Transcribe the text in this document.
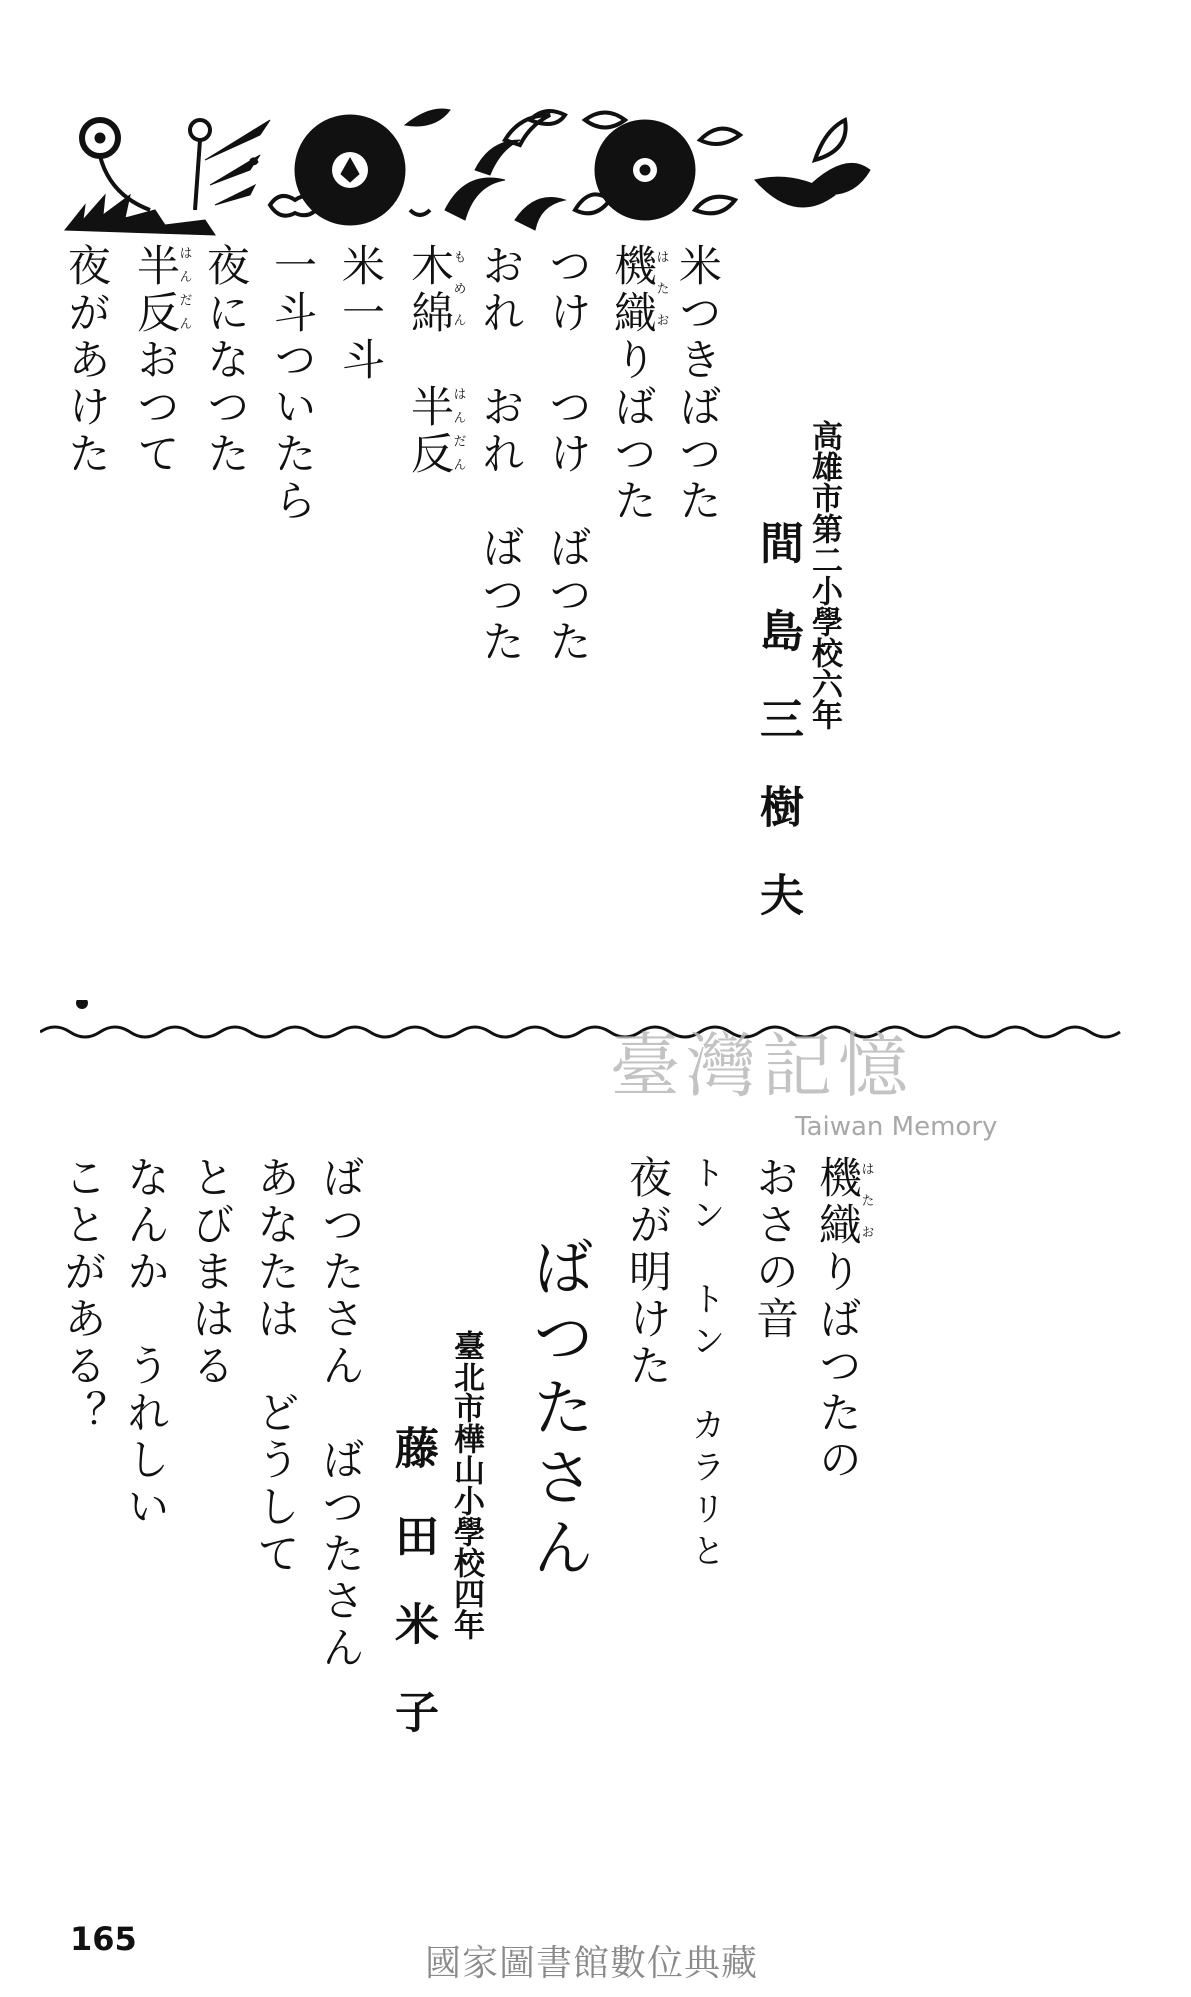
高雄市第二小學校六年
間島三樹夫
米つきばつた
機織はたおりばつた
つけ　つけ　ばつた
おれ　おれ　ばつた
木綿もめん　半反はんだん
米一斗
一斗ついたら
夜になつた
半反はんだんおつて
夜があけた
臺灣記憶
Taiwan Memory
機織はたおりばつたの
おさの音
トン　トン　カラリと
夜が明けた
ばつたさん
臺北市樺山小學校四年
藤田米子
ばつたさん　ばつたさん
あなたは　どうして
とびまはる
なんか　うれしい
ことがある？
165
國家圖書館數位典藏
